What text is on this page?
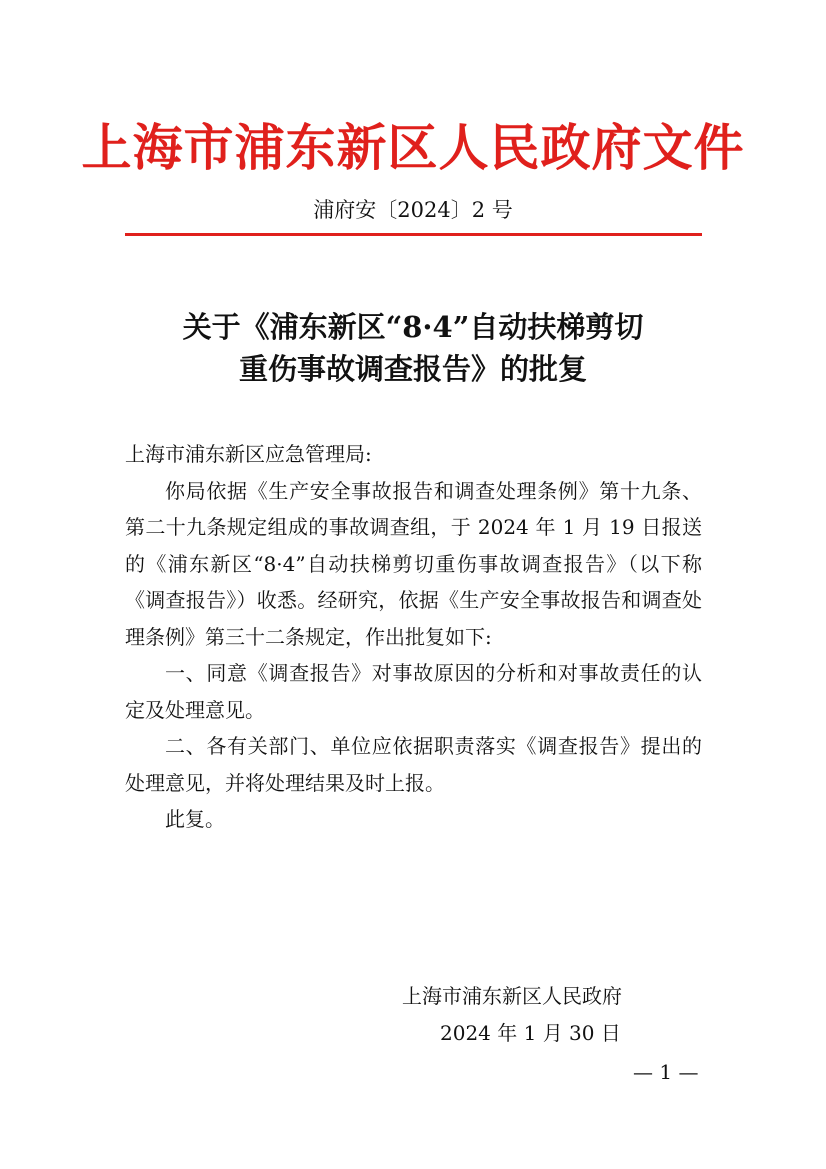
上海市浦东新区人民政府文件
浦府安〔2024〕2 号
关于《浦东新区“8·4”自动扶梯剪切
重伤事故调查报告》的批复

上海市浦东新区应急管理局:

你局依据《生产安全事故报告和调查处理条例》第十九条、第二十九条规定组成的事故调查组，于 2024 年 1 月 19 日报送的《浦东新区“8·4”自动扶梯剪切重伤事故调查报告》（以下称《调查报告》）收悉。经研究，依据《生产安全事故报告和调查处理条例》第三十二条规定，作出批复如下:

一、同意《调查报告》对事故原因的分析和对事故责任的认定及处理意见。

二、各有关部门、单位应依据职责落实《调查报告》提出的处理意见，并将处理结果及时上报。

此复。

上海市浦东新区人民政府
2024 年 1 月 30 日
— 1 —
